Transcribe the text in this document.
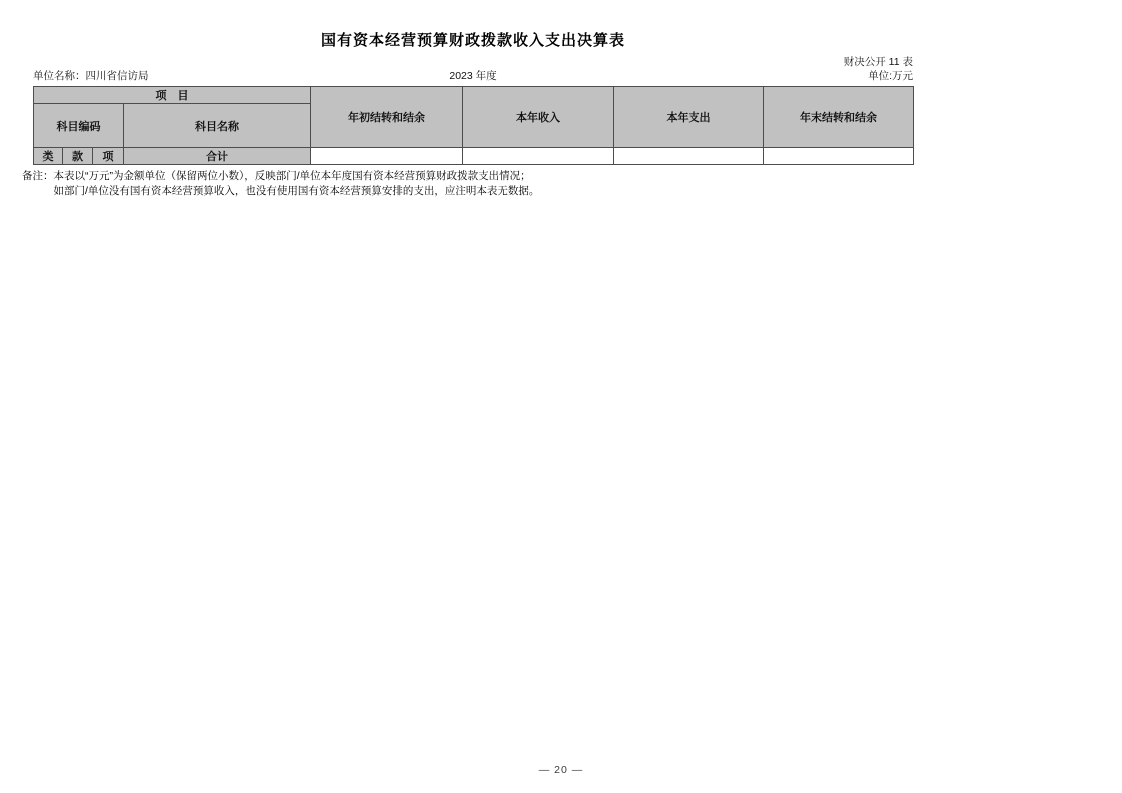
国有资本经营预算财政拨款收入支出决算表
财决公开 11 表
单位名称：四川省信访局	2023 年度	单位:万元
项　目				年初结转和结余	本年收入	本年支出	年末结转和结余
科目编码			科目名称				
类	款	项	合计				
备注： 本表以“万元”为金额单位（保留两位小数），反映部门/单位本年度国有资本经营预算财政拨款支出情况；
如部门/单位没有国有资本经营预算收入，也没有使用国有资本经营预算安排的支出，应注明本表无数据。
— 20 —
